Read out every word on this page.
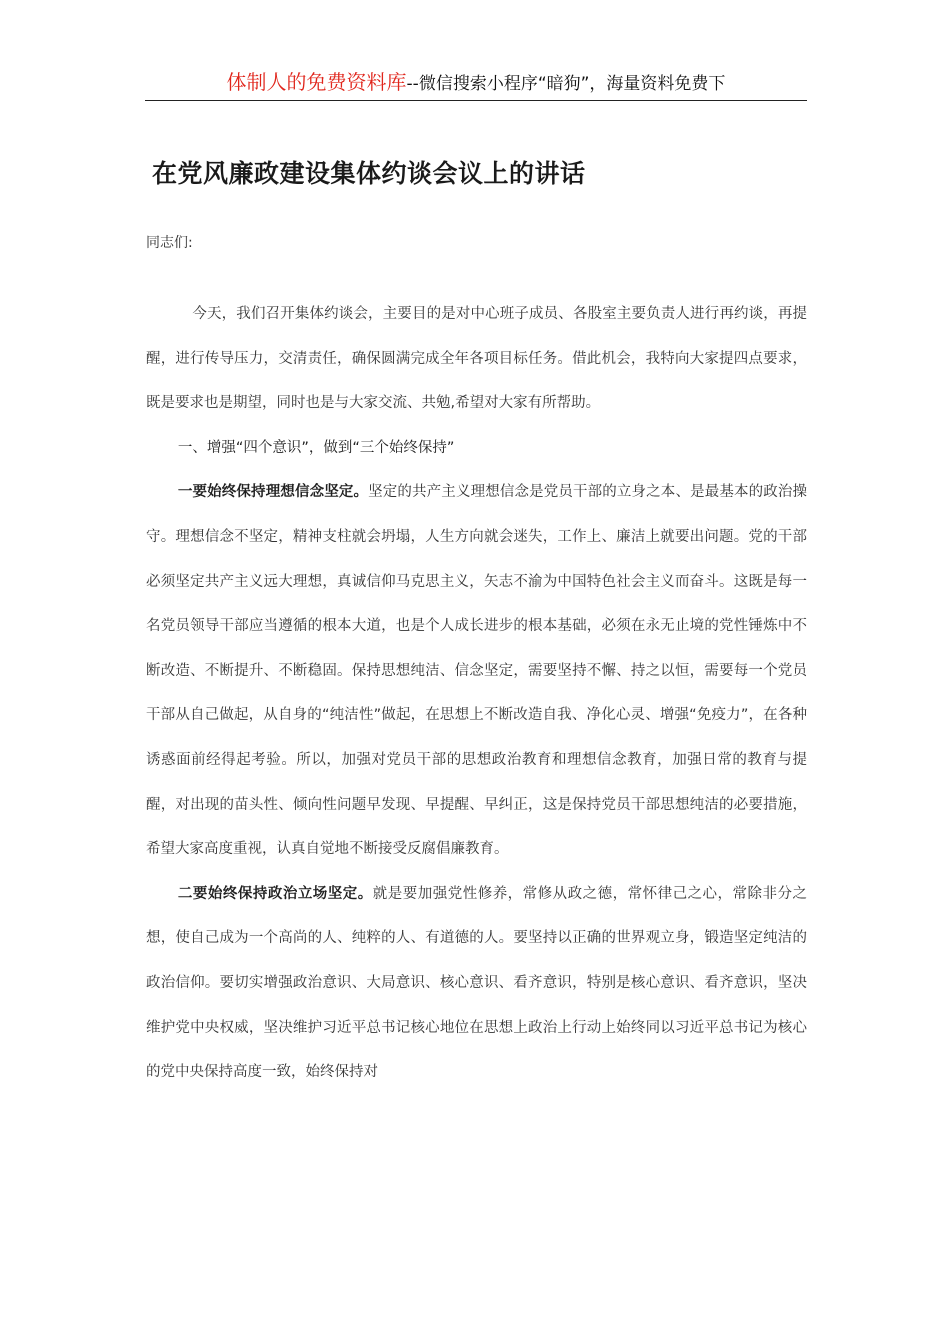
体制人的免费资料库--微信搜索小程序“暗狗”，海量资料免费下
在党风廉政建设集体约谈会议上的讲话
同志们:

今天，我们召开集体约谈会，主要目的是对中心班子成员、各股室主要负责人进行再约谈，再提醒，进行传导压力，交清责任，确保圆满完成全年各项目标任务。借此机会，我特向大家提四点要求，既是要求也是期望，同时也是与大家交流、共勉,希望对大家有所帮助。

一、增强“四个意识”，做到“三个始终保持”

一要始终保持理想信念坚定。坚定的共产主义理想信念是党员干部的立身之本、是最基本的政治操守。理想信念不坚定，精神支柱就会坍塌，人生方向就会迷失，工作上、廉洁上就要出问题。党的干部必须坚定共产主义远大理想，真诚信仰马克思主义，矢志不渝为中国特色社会主义而奋斗。这既是每一名党员领导干部应当遵循的根本大道，也是个人成长进步的根本基础，必须在永无止境的党性锤炼中不断改造、不断提升、不断稳固。保持思想纯洁、信念坚定，需要坚持不懈、持之以恒，需要每一个党员干部从自己做起，从自身的“纯洁性”做起，在思想上不断改造自我、净化心灵、增强“免疫力”，在各种诱惑面前经得起考验。所以，加强对党员干部的思想政治教育和理想信念教育，加强日常的教育与提醒，对出现的苗头性、倾向性问题早发现、早提醒、早纠正，这是保持党员干部思想纯洁的必要措施，希望大家高度重视，认真自觉地不断接受反腐倡廉教育。

二要始终保持政治立场坚定。就是要加强党性修养，常修从政之德，常怀律己之心，常除非分之想，使自己成为一个高尚的人、纯粹的人、有道德的人。要坚持以正确的世界观立身，锻造坚定纯洁的政治信仰。要切实增强政治意识、大局意识、核心意识、看齐意识，特别是核心意识、看齐意识，坚决维护党中央权威，坚决维护习近平总书记核心地位在思想上政治上行动上始终同以习近平总书记为核心的党中央保持高度一致，始终保持对
